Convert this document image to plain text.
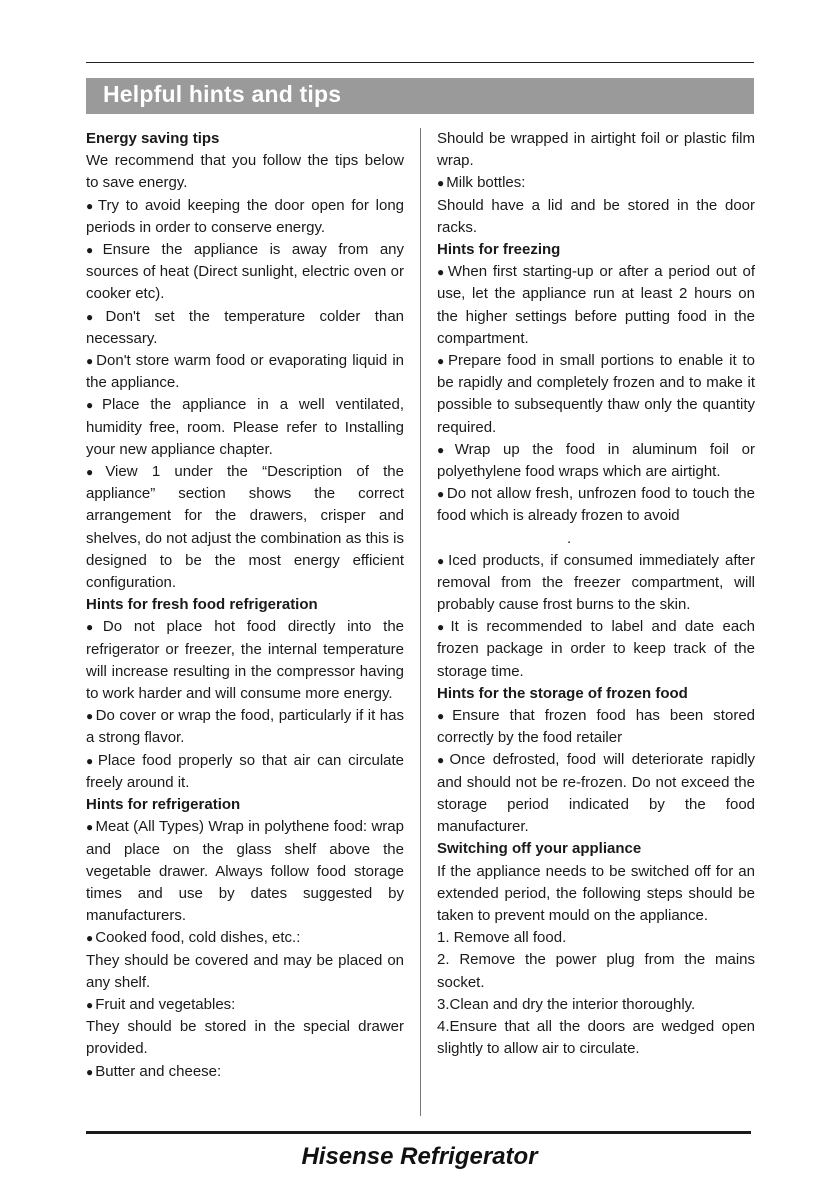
Helpful hints and tips

Energy saving tips

We recommend that you follow the tips below to save energy.

● Try to avoid keeping the door open for long periods in order to conserve energy.

● Ensure the appliance is away from any sources of heat (Direct sunlight, electric oven or cooker etc).

● Don't set the temperature colder than necessary.

● Don't store warm food or evaporating liquid in the appliance.

● Place the appliance in a well ventilated, humidity free, room. Please refer to Installing your new appliance chapter.

● View 1 under the “Description of the appliance” section shows the correct arrangement for the drawers, crisper and shelves, do not adjust the combination as this is designed to be the most energy efficient configuration.

Hints for fresh food refrigeration

● Do not place hot food directly into the refrigerator or freezer, the internal temperature will increase resulting in the compressor having to work harder and will consume more energy.

● Do cover or wrap the food, particularly if it has a strong flavor.

● Place food properly so that air can circulate freely around it.

Hints for refrigeration

● Meat (All Types) Wrap in polythene food: wrap and place on the glass shelf above the vegetable drawer. Always follow food storage times and use by dates suggested by manufacturers.

● Cooked food, cold dishes, etc.:

They should be covered and may be placed on any shelf.

● Fruit and vegetables:

They should be stored in the special drawer provided.

● Butter and cheese:

Should be wrapped in airtight foil or plastic film wrap.

● Milk bottles:

Should have a lid and be stored in the door racks.

Hints for freezing

● When first starting-up or after a period out of use, let the appliance run at least 2 hours on the higher settings before putting food in the compartment.

● Prepare food in small portions to enable it to be rapidly and completely frozen and to make it possible to subsequently thaw only the quantity required.

● Wrap up the food in aluminum foil or polyethylene food wraps which are airtight.

● Do not allow fresh, unfrozen food to touch the food which is already frozen to avoid

.

● Iced products, if consumed immediately after removal from the freezer compartment, will probably cause frost burns to the skin.

● It is recommended to label and date each frozen package in order to keep track of the storage time.

Hints for the storage of frozen food

● Ensure that frozen food has been stored correctly by the food retailer

● Once defrosted, food will deteriorate rapidly and should not be re-frozen. Do not exceed the storage period indicated by the food manufacturer.

Switching off your appliance

If the appliance needs to be switched off for an extended period, the following steps should be taken to prevent mould on the appliance.

1. Remove all food.

2. Remove the power plug from the mains socket.

3.Clean and dry the interior thoroughly.

4.Ensure that all the doors are wedged open slightly to allow air to circulate.

Hisense Refrigerator
